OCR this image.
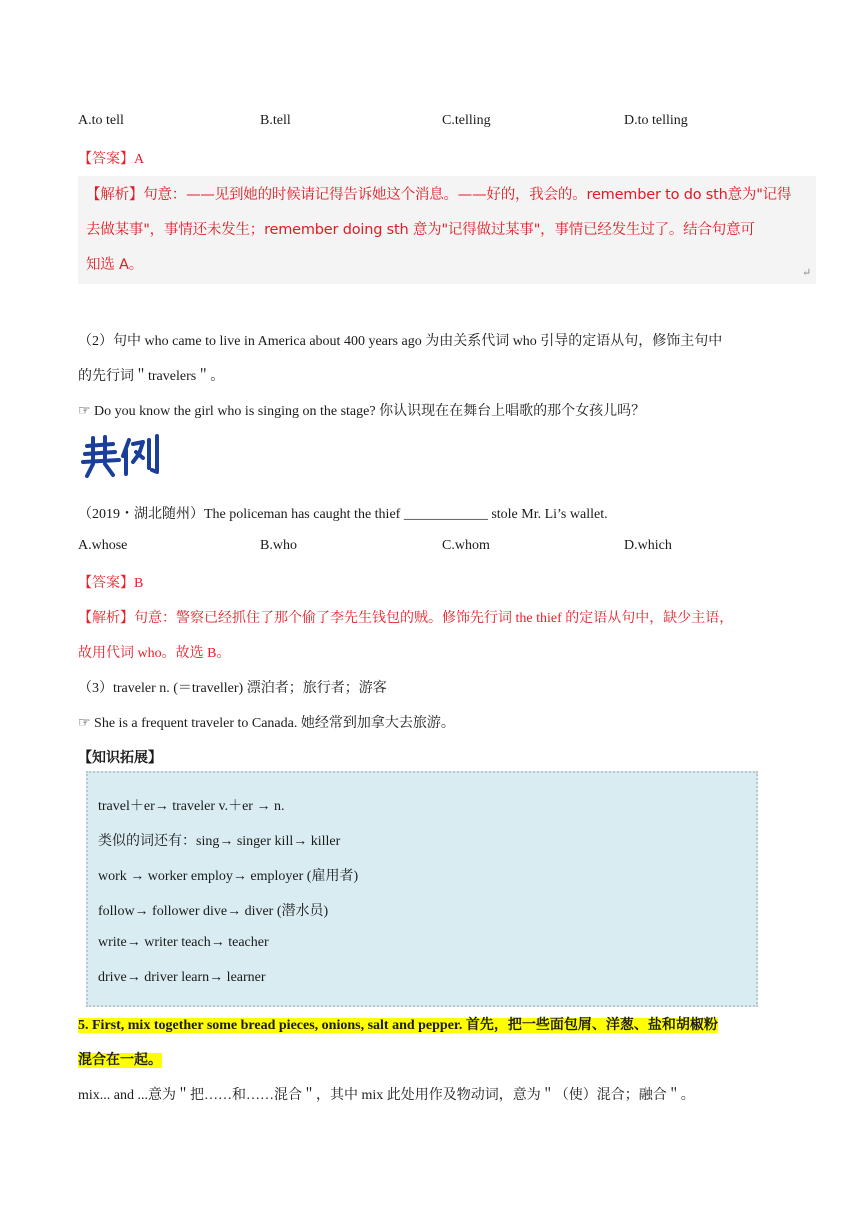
A.to tell	B.tell	C.telling	D.to telling
【答案】A

【解析】句意：——见到她的时候请记得告诉她这个消息。——好的，我会的。remember to do sth意为"记得

去做某事"，事情还未发生；remember doing sth 意为"记得做过某事"，事情已经发生过了。结合句意可

知选 A。	↵
（2）句中 who came to live in America about 400 years ago 为由关系代词 who 引导的定语从句，修饰主句中
的先行词＂travelers＂。
☞ Do you know the girl who is singing on the stage? 你认识现在在舞台上唱歌的那个女孩儿吗？
（2019・湖北随州）The policeman has caught the thief ____________ stole Mr. Li’s wallet.
A.whose	B.who	C.whom	D.which
【答案】B
【解析】句意：警察已经抓住了那个偷了李先生钱包的贼。修饰先行词 the thief 的定语从句中，缺少主语，
故用代词 who。故选 B。
（3）traveler n. (＝traveller) 漂泊者；旅行者；游客
☞ She is a frequent traveler to Canada. 她经常到加拿大去旅游。
【知识拓展】
travel＋er→ traveler v.＋er → n.
类似的词还有：sing→ singer kill→ killer
work → worker employ→ employer (雇用者)
follow→ follower dive→ diver (潜水员)
write→ writer teach→ teacher
drive→ driver learn→ learner
5. First, mix together some bread pieces, onions, salt and pepper. 首先，把一些面包屑、洋葱、盐和胡椒粉
混合在一起。
mix... and ...意为＂把……和……混合＂，其中 mix 此处用作及物动词，意为＂（使）混合；融合＂。
